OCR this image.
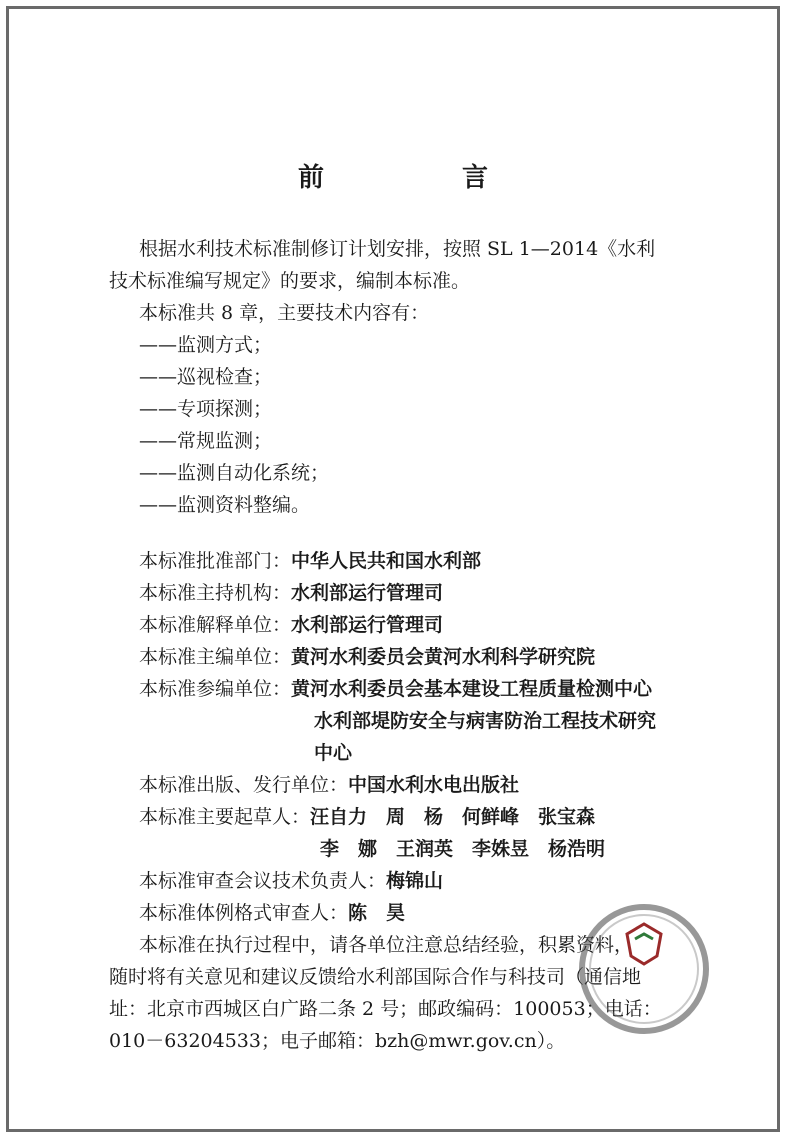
前　言
根据水利技术标准制修订计划安排，按照 SL 1—2014《水利
技术标准编写规定》的要求，编制本标准。
本标准共 8 章，主要技术内容有：
——监测方式；
——巡视检查；
——专项探测；
——常规监测；
——监测自动化系统；
——监测资料整编。
本标准批准部门：中华人民共和国水利部
本标准主持机构：水利部运行管理司
本标准解释单位：水利部运行管理司
本标准主编单位：黄河水利委员会黄河水利科学研究院
本标准参编单位：黄河水利委员会基本建设工程质量检测中心
水利部堤防安全与病害防治工程技术研究
中心
本标准出版、发行单位：中国水利水电出版社
本标准主要起草人：汪自力　周　杨　何鲜峰　张宝森
李　娜　王润英　李姝昱　杨浩明
本标准审查会议技术负责人：梅锦山
本标准体例格式审查人：陈　昊
本标准在执行过程中，请各单位注意总结经验，积累资料，
随时将有关意见和建议反馈给水利部国际合作与科技司（通信地
址：北京市西城区白广路二条 2 号；邮政编码：100053；电话：
010－63204533；电子邮箱：bzh@mwr.gov.cn）。
